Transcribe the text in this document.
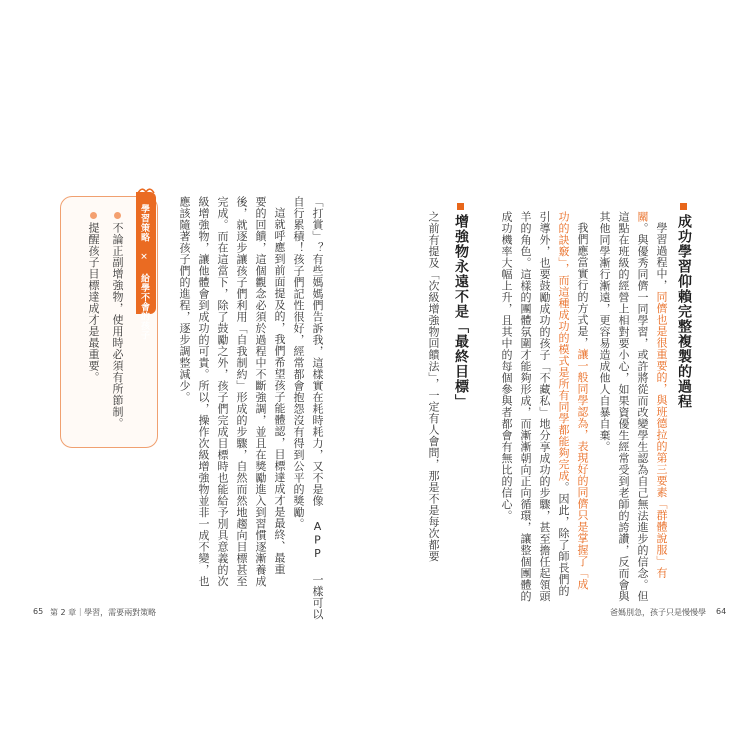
成功學習仰賴完整複製的過程
學習過程中，同儕也是很重要的，與班德拉的第三要素「群體說服」有
關。與優秀同儕一同學習，或許將從而改變學生認為自己無法進步的信念。但
這點在班級的經營上相對要小心，如果資優生經常受到老師的誇讚，反而會與
其他同學漸行漸遠，更容易造成他人自暴自棄。
我們應當實行的方式是，讓一般同學認為，表現好的同儕只是掌握了「成
功的訣竅」，而這種成功的模式是所有同學都能夠完成。因此，除了師長們的
引導外，也要鼓勵成功的孩子「不藏私」地分享成功的步驟，甚至擔任起領頭
羊的角色。這樣的團體氛圍才能夠形成，而漸漸朝向正向循環，讓整個團體的
成功機率大幅上升，且其中的每個參與者都會有無比的信心。
增強物永遠不是「最終目標」
之前有提及「次級增強物回饋法」，一定有人會問，那是不是每次都要
爸媽別急，孩子只是慢慢學 64
「打賞」？有些媽媽們告訴我，這樣實在耗時耗力，又不是像 APP 一樣可以
自行累積！孩子們記性很好，經常都會抱怨沒有得到公平的獎勵。
這就呼應到前面提及的，我們希望孩子能體認，目標達成才是最終、最重
要的回饋，這個觀念必須於過程中不斷強調，並且在獎勵進入到習慣逐漸養成
後，就逐步讓孩子們利用「自我制約」形成的步驟，自然而然地趨向目標甚至
完成。而在這當下，除了鼓勵之外，孩子們完成目標時也能給予別具意義的次
級增強物，讓他體會到成功的可貴。所以，操作次級增強物並非一成不變，也
應該隨著孩子們的進程，逐步調整減少。
學習策略 ✕ 給學不會的孩子
不論正副增強物，使用時必須有所節制。
提醒孩子目標達成才是最重要。
65 第 2 章｜學習，需要兩對策略
